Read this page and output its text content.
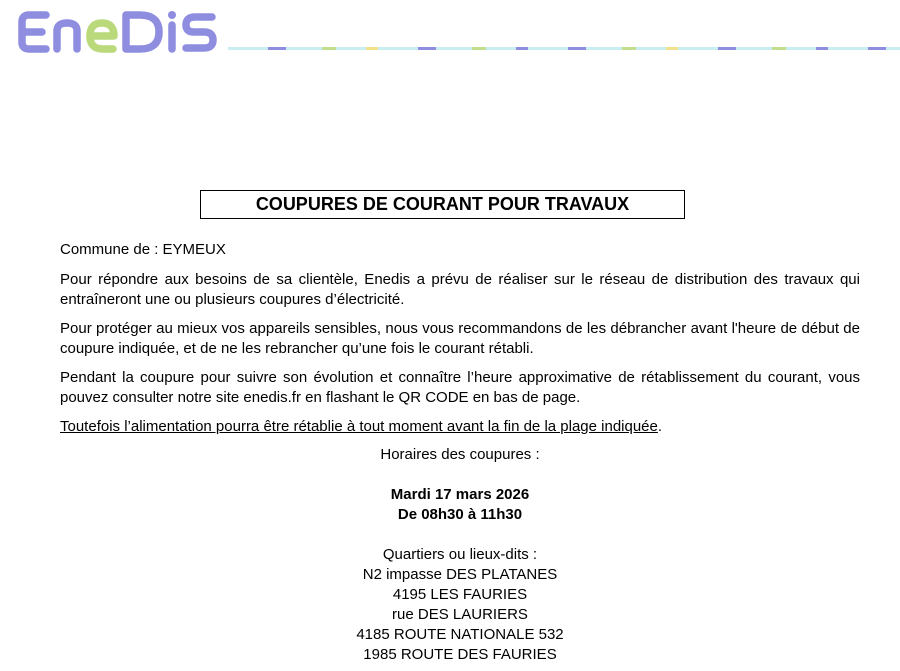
COUPURES DE COURANT POUR TRAVAUX

Commune de : EYMEUX

Pour répondre aux besoins de sa clientèle, Enedis a prévu de réaliser sur le réseau de distribution des travaux qui entraîneront une ou plusieurs coupures d’électricité.

Pour protéger au mieux vos appareils sensibles, nous vous recommandons de les débrancher avant l'heure de début de coupure indiquée, et de ne les rebrancher qu’une fois le courant rétabli.

Pendant la coupure pour suivre son évolution et connaître l’heure approximative de rétablissement du courant, vous pouvez consulter notre site enedis.fr en flashant le QR CODE en bas de page.

Toutefois l’alimentation pourra être rétablie à tout moment avant la fin de la plage indiquée.

Horaires des coupures :

Mardi 17 mars 2026

De 08h30 à 11h30

Quartiers ou lieux-dits :

N2 impasse DES PLATANES

4195 LES FAURIES

rue DES LAURIERS

4185 ROUTE NATIONALE 532

1985 ROUTE DES FAURIES
